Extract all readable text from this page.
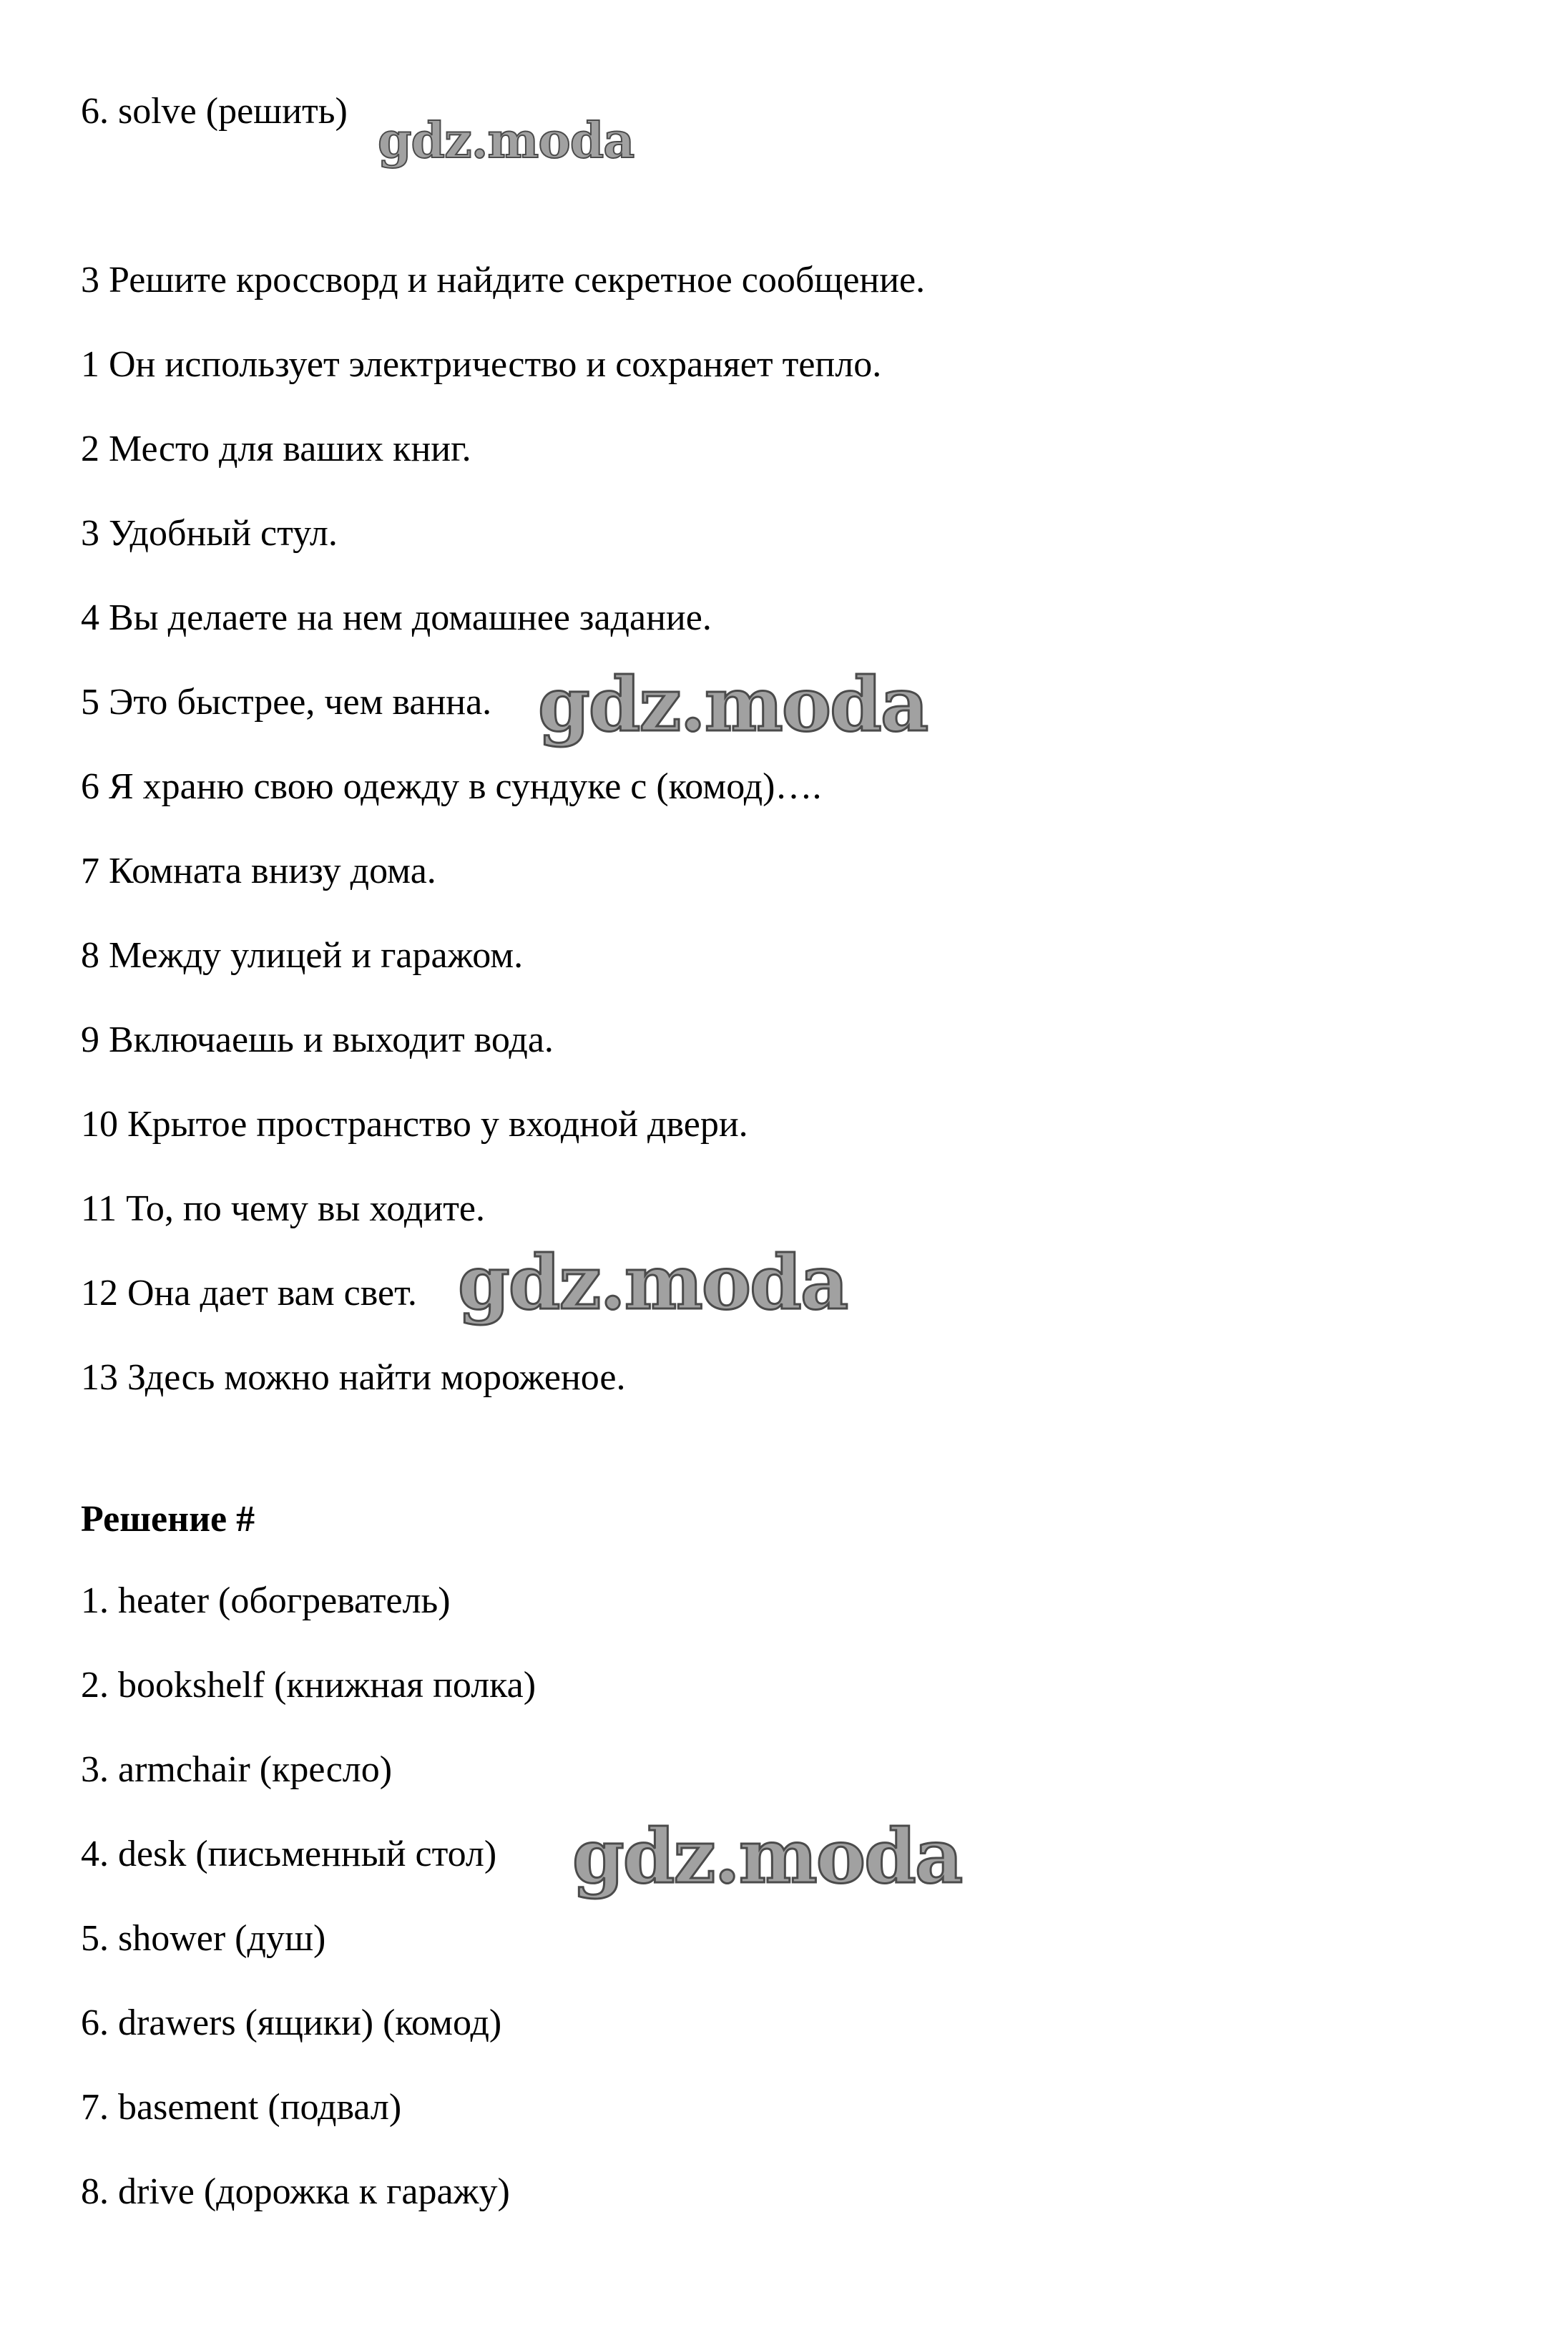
6. solve (решить)
3 Решите кроссворд и найдите секретное сообщение.
1 Он использует электричество и сохраняет тепло.
2 Место для ваших книг.
3 Удобный стул.
4 Вы делаете на нем домашнее задание.
5 Это быстрее, чем ванна.
6 Я храню свою одежду в сундуке с (комод)….
7 Комната внизу дома.
8 Между улицей и гаражом.
9 Включаешь и выходит вода.
10 Крытое пространство у входной двери.
11 То, по чему вы ходите.
12 Она дает вам свет.
13 Здесь можно найти мороженое.
Решение #
1. heater (обогреватель)
2. bookshelf (книжная полка)
3. armchair (кресло)
4. desk (письменный стол)
5. shower (душ)
6. drawers (ящики) (комод)
7. basement (подвал)
8. drive (дорожка к гаражу)
gdz.moda
gdz.moda
gdz.moda
gdz.moda
